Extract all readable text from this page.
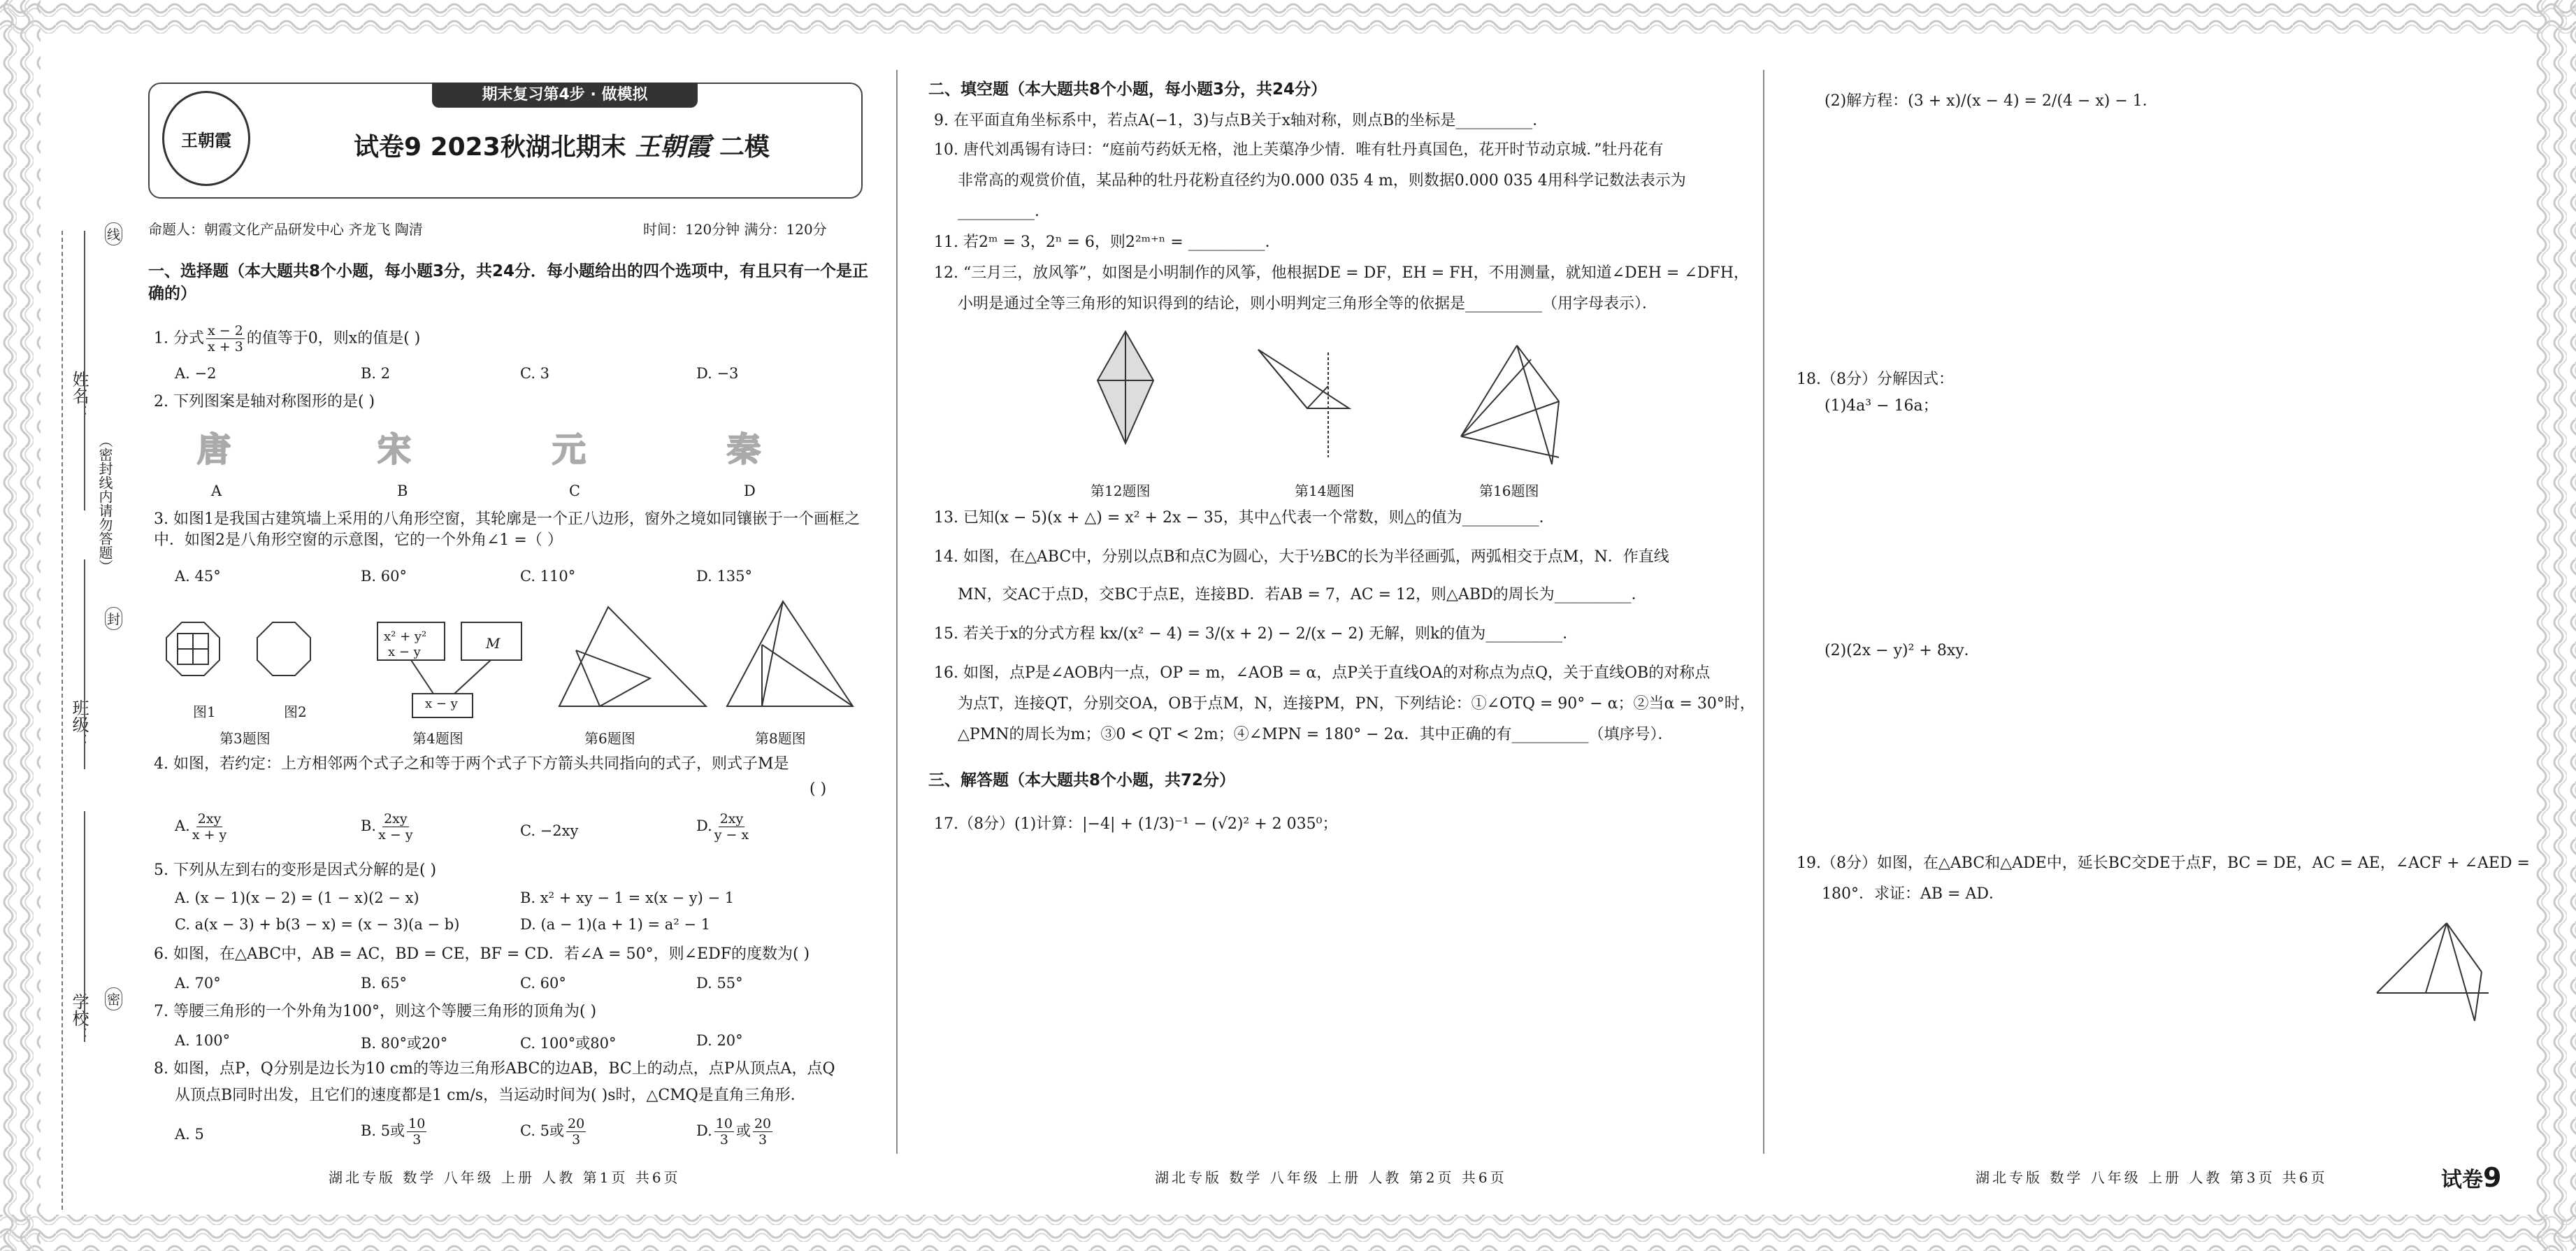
姓名：
班级：
学校：
（密封线内请勿答题）
线
封
密
期末复习第4步 · 做模拟
王朝霞	试卷9 2023秋湖北期末 王朝霞 二模
命题人：朝霞文化产品研发中心 齐龙飞 陶清	时间：120分钟 满分：120分
一、选择题（本大题共8个小题，每小题3分，共24分．每小题给出的四个选项中，有且只有一个是正确的）
1. 分式 $\frac{x - 2}{x + 3}$ 的值等于0，则x的值是( )
A. −2	B. 2	C. 3	D. −3
2. 下列图案是轴对称图形的是( )
唐	宋	元	秦
A	B	C	D
3. 如图1是我国古建筑墙上采用的八角形空窗，其轮廓是一个正八边形，窗外之境如同镶嵌于一个画框之中．如图2是八角形空窗的示意图，它的一个外角∠1 =（ ）
A. 45°	B. 60°	C. 110°	D. 135°
x² + y²
x − y
M
x − y
图1	图2
第3题图	第4题图	第6题图	第8题图
4. 如图，若约定：上方相邻两个式子之和等于两个式子下方箭头共同指向的式子，则式子M是
( )
A. $\frac{2xy}{x + y}$	B. $\frac{2xy}{x - y}$	C. −2xy	D. $\frac{2xy}{y - x}$
5. 下列从左到右的变形是因式分解的是( )
A. (x − 1)(x − 2) = (1 − x)(2 − x)	B. x² + xy − 1 = x(x − y) − 1
C. a(x − 3) + b(3 − x) = (x − 3)(a − b)	D. (a − 1)(a + 1) = a² − 1
6. 如图，在△ABC中，AB = AC，BD = CE，BF = CD．若∠A = 50°，则∠EDF的度数为( )
A. 70°	B. 65°	C. 60°	D. 55°
7. 等腰三角形的一个外角为100°，则这个等腰三角形的顶角为( )
A. 100°	B. 80°或20°	C. 100°或80°	D. 20°
8. 如图，点P，Q分别是边长为10 cm的等边三角形ABC的边AB，BC上的动点，点P从顶点A，点Q
从顶点B同时出发，且它们的速度都是1 cm/s，当运动时间为( )s时，△CMQ是直角三角形．
A. 5	B. 5或 $\frac{10}{3}$	C. 5或 $\frac{20}{3}$	D. $\frac{10}{3}$ 或 $\frac{20}{3}$
湖北专版 数学 八年级 上册 人教 第1页 共6页
二、填空题（本大题共8个小题，每小题3分，共24分）
9. 在平面直角坐标系中，若点A(−1，3)与点B关于x轴对称，则点B的坐标是__________．
10. 唐代刘禹锡有诗曰：“庭前芍药妖无格，池上芙蕖净少情．唯有牡丹真国色，花开时节动京城．”牡丹花有
非常高的观赏价值，某品种的牡丹花粉直径约为0.000 035 4 m，则数据0.000 035 4用科学记数法表示为
__________．
11. 若2ᵐ = 3，2ⁿ = 6，则2²ᵐ⁺ⁿ = __________．
12. “三月三，放风筝”，如图是小明制作的风筝，他根据DE = DF，EH = FH，不用测量，就知道∠DEH = ∠DFH，
小明是通过全等三角形的知识得到的结论，则小明判定三角形全等的依据是__________（用字母表示）．
第12题图	第14题图	第16题图
13. 已知(x − 5)(x + △) = x² + 2x − 35，其中△代表一个常数，则△的值为__________．
14. 如图，在△ABC中，分别以点B和点C为圆心，大于½BC的长为半径画弧，两弧相交于点M，N．作直线
MN，交AC于点D，交BC于点E，连接BD．若AB = 7，AC = 12，则△ABD的周长为__________．
15. 若关于x的分式方程 kx/(x² − 4) = 3/(x + 2) − 2/(x − 2) 无解，则k的值为__________．
16. 如图，点P是∠AOB内一点，OP = m，∠AOB = α，点P关于直线OA的对称点为点Q，关于直线OB的对称点
为点T，连接QT，分别交OA，OB于点M，N，连接PM，PN，下列结论：①∠OTQ = 90° − α；②当α = 30°时，
△PMN的周长为m；③0 < QT < 2m；④∠MPN = 180° − 2α．其中正确的有__________（填序号）．
三、解答题（本大题共8个小题，共72分）
17.（8分）(1)计算：|−4| + (1/3)⁻¹ − (√2)² + 2 035⁰；
湖北专版 数学 八年级 上册 人教 第2页 共6页
(2)解方程：(3 + x)/(x − 4) = 2/(4 − x) − 1．
18.（8分）分解因式：
(1)4a³ − 16a；
(2)(2x − y)² + 8xy．
19.（8分）如图，在△ABC和△ADE中，延长BC交DE于点F，BC = DE，AC = AE，∠ACF + ∠AED =
180°．求证：AB = AD．
湖北专版 数学 八年级 上册 人教 第3页 共6页	试卷9
